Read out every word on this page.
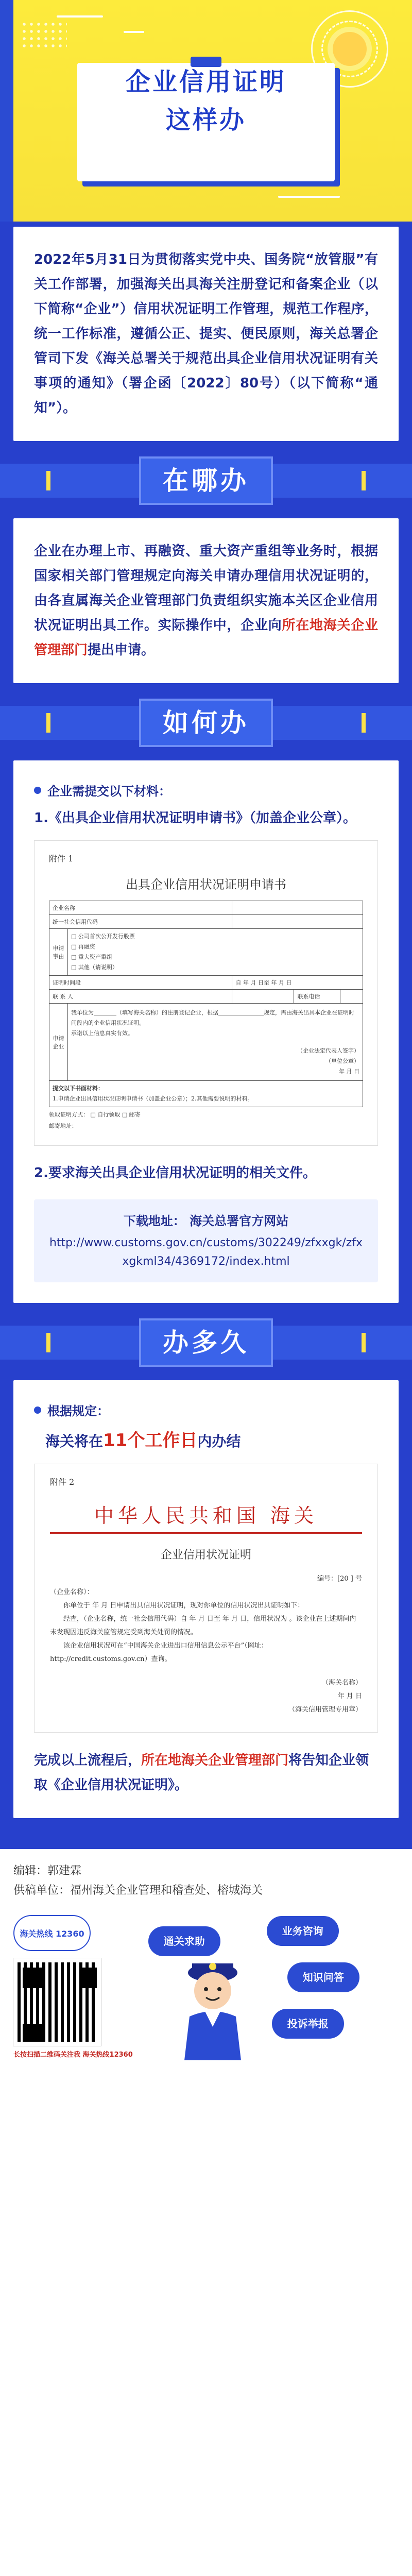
企业信用证明
这样办

2022年5月31日为贯彻落实党中央、国务院“放管服”有关工作部署，加强海关出具海关注册登记和备案企业（以下简称“企业”）信用状况证明工作管理，规范工作程序，统一工作标准，遵循公正、提实、便民原则，海关总署企管司下发《海关总署关于规范出具企业信用状况证明有关事项的通知》（署企函〔2022〕80号）（以下简称“通知”）。

在哪办

企业在办理上市、再融资、重大资产重组等业务时，根据国家相关部门管理规定向海关申请办理信用状况证明的，由各直属海关企业管理部门负责组织实施本关区企业信用状况证明出具工作。实际操作中，企业向所在地海关企业管理部门提出申请。

如何办
企业需提交以下材料：

1.《出具企业信用状况证明申请书》（加盖企业公章）。

附件 1
出具企业信用状况证明申请书
企业名称				
统一社会信用代码				
申请事由	□ 公司首次公开发行股票
□ 再融资
□ 重大资产重组
□ 其他（请说明）			

证明时间段		自 年 月 日至 年 月 日		
联 系 人			联系电话	
申请企业	我单位为________（填写海关名称）的注册登记企业，根据________________规定，需由海关出具本企业在证明时间段内的企业信用状况证明。
承诺以上信息真实有效。
（企业法定代表人签字）
（单位公章）
年 月 日			

提交以下书面材料：
1.申请企业出具信用状况证明申请书（加盖企业公章）；2.其他需要说明的材料。				
领取证明方式： □ 自行领取 □ 邮寄
邮寄地址：

2.要求海关出具企业信用状况证明的相关文件。

下载地址： 海关总署官方网站
http://www.customs.gov.cn/customs/302249/zfxxgk/zfxxgkml34/4369172/index.html
办多久
根据规定：
海关将在11个工作日内办结
附件 2
中华人民共和国 海关
企业信用状况证明
编号：[20 ] 号
（企业名称）：

你单位于 年 月 日申请出具信用状况证明，现对你单位的信用状况出具证明如下：

经查，（企业名称，统一社会信用代码）自 年 月 日至 年 月 日，信用状况为 。该企业在上述期间内未发现因违反海关监管规定受到海关处罚的情况。

该企业信用状况可在“中国海关企业进出口信用信息公示平台”（网址：http://credit.customs.gov.cn）查询。

（海关名称）
年 月 日
（海关信用管理专用章）

完成以上流程后，所在地海关企业管理部门将告知企业领取《企业信用状况证明》。

编辑：郭建霖
供稿单位：福州海关企业管理和稽查处、榕城海关
海关热线 12360
长按扫描二维码关注我 海关热线12360
通关求助
业务咨询
知识问答
投诉举报
